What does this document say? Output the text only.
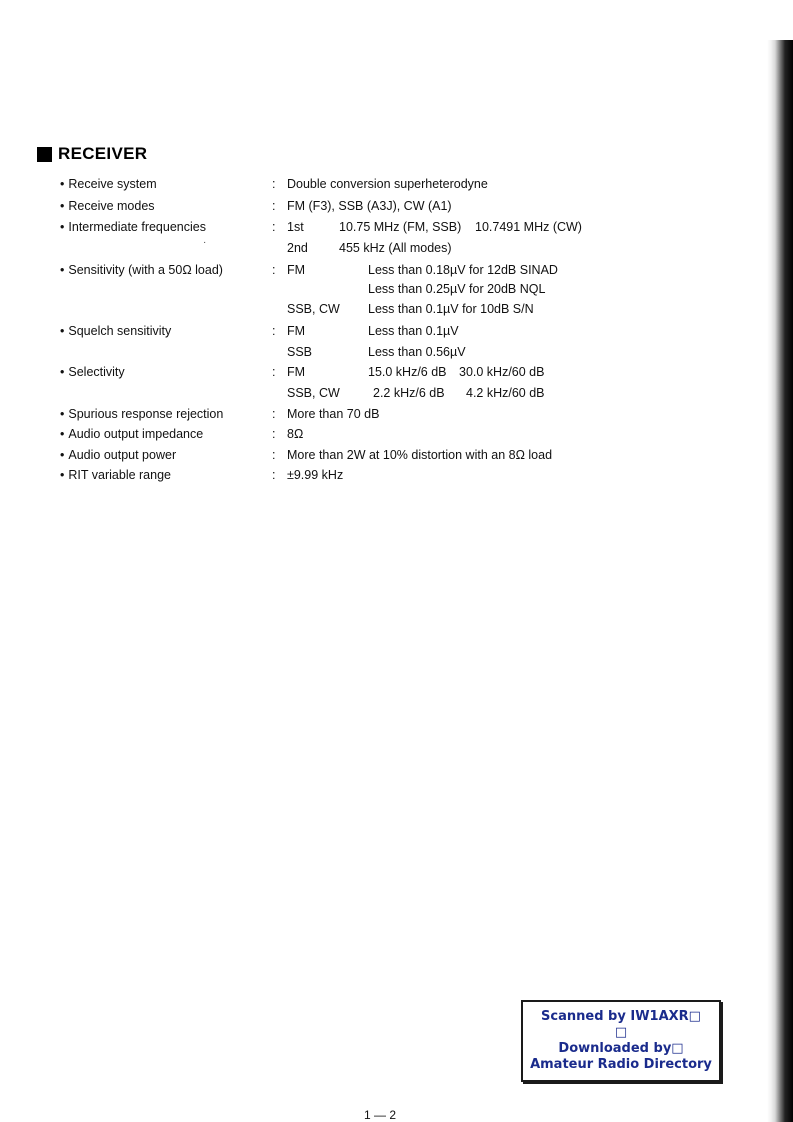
RECEIVER
• Receive system	: Double conversion superheterodyne
• Receive modes	: FM (F3), SSB (A3J), CW (A1)
• Intermediate frequencies	: 1st	10.75 MHz (FM, SSB) 10.7491 MHz (CW)
2nd 455 kHz (All modes)
·
• Sensitivity (with a 50Ω load)	: FM	Less than 0.18µV for 12dB SINAD
Less than 0.25µV for 20dB NQL
SSB, CW Less than 0.1µV for 10dB S/N
• Squelch sensitivity	: FM	Less than 0.1µV
SSB	Less than 0.56µV
• Selectivity	: FM	15.0 kHz/6 dB 30.0 kHz/60 dB
SSB, CW	2.2 kHz/6 dB 4.2 kHz/60 dB
• Spurious response rejection	: More than 70 dB
• Audio output impedance	: 8Ω
• Audio output power	: More than 2W at 10% distortion with an 8Ω load
• RIT variable range	: ±9.99 kHz
Scanned by IW1AXR□
□
Downloaded by□
Amateur Radio Directory
1 — 2
